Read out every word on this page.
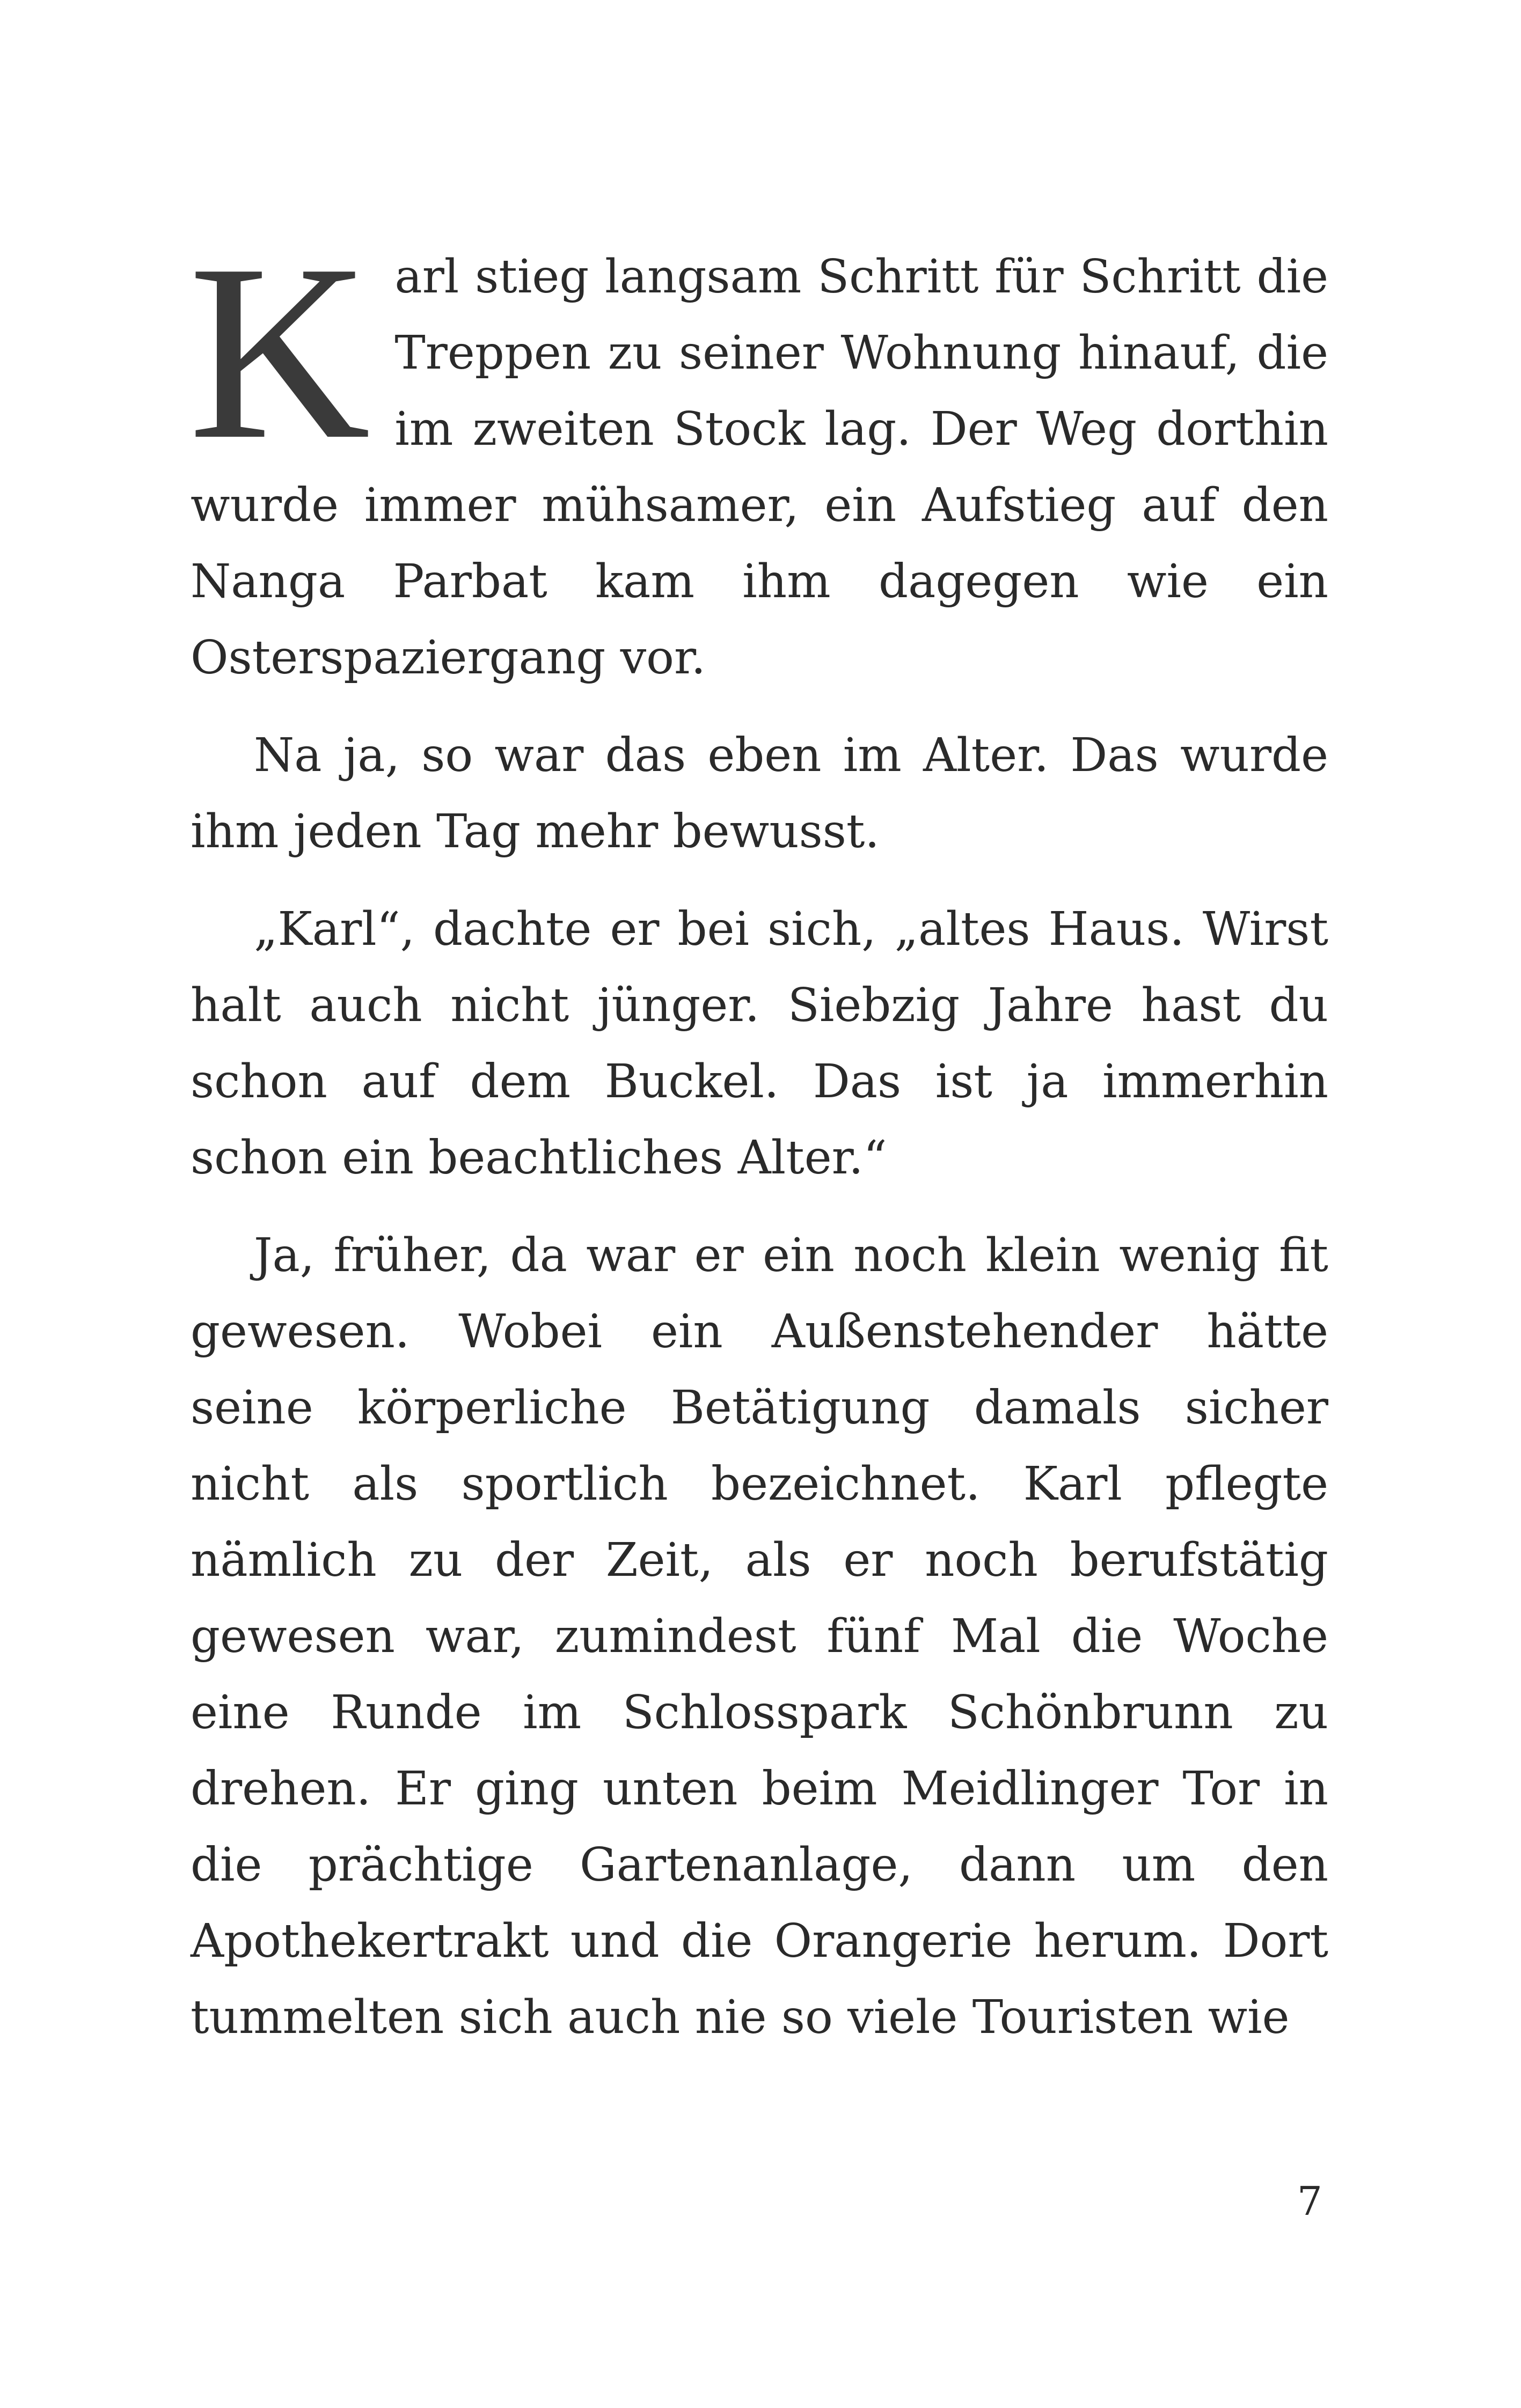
K arl stieg langsam Schritt für Schritt die Treppen zu seiner Wohnung hinauf, die im zweiten Stock lag. Der Weg dorthin wurde immer mühsamer, ein Aufstieg auf den Nanga Parbat kam ihm dagegen wie ein Osterspaziergang vor.

Na ja, so war das eben im Alter. Das wurde ihm jeden Tag mehr bewusst.

„Karl“, dachte er bei sich, „altes Haus. Wirst halt auch nicht jünger. Siebzig Jahre hast du schon auf dem Buckel. Das ist ja immerhin schon ein beachtliches Alter.“

Ja, früher, da war er ein noch klein wenig fit gewesen. Wobei ein Außenstehender hätte seine körperliche Betätigung damals sicher nicht als sportlich bezeichnet. Karl pflegte nämlich zu der Zeit, als er noch berufstätig gewesen war, zumindest fünf Mal die Woche eine Runde im Schlosspark Schönbrunn zu drehen. Er ging unten beim Meidlinger Tor in die prächtige Gartenanlage, dann um den Apothekertrakt und die Orangerie herum. Dort tummelten sich auch nie so viele Touristen wie

7
